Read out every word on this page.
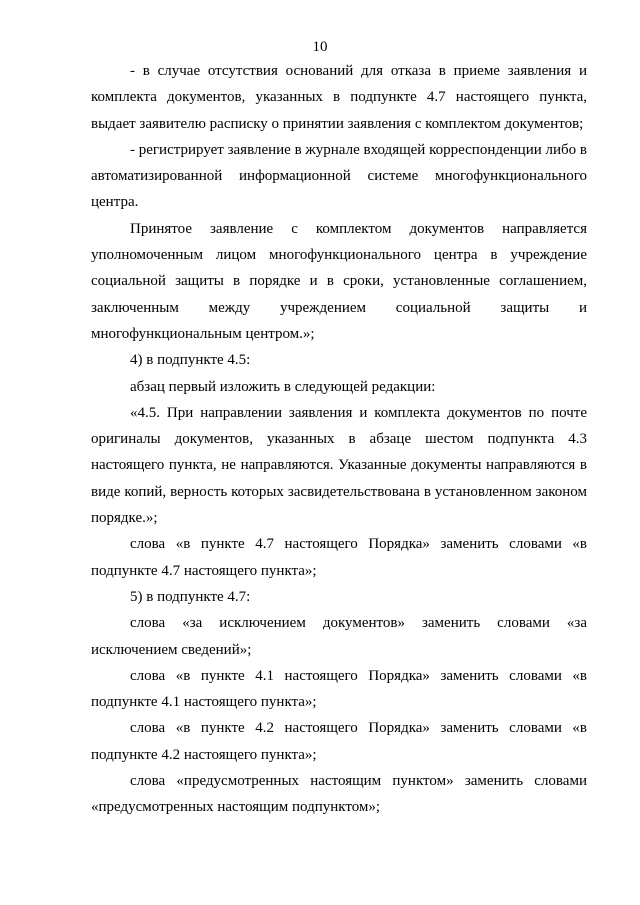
10

- в случае отсутствия оснований для отказа в приеме заявления и комплекта документов, указанных в подпункте 4.7 настоящего пункта, выдает заявителю расписку о принятии заявления с комплектом документов;

- регистрирует заявление в журнале входящей корреспонденции либо в автоматизированной информационной системе многофункционального центра.

Принятое заявление с комплектом документов направляется уполномоченным лицом многофункционального центра в учреждение социальной защиты в порядке и в сроки, установленные соглашением, заключенным между учреждением социальной защиты и многофункциональным центром.»;

4) в подпункте 4.5:

абзац первый изложить в следующей редакции:

«4.5. При направлении заявления и комплекта документов по почте оригиналы документов, указанных в абзаце шестом подпункта 4.3 настоящего пункта, не направляются. Указанные документы направляются в виде копий, верность которых засвидетельствована в установленном законом порядке.»;

слова «в пункте 4.7 настоящего Порядка» заменить словами «в подпункте 4.7 настоящего пункта»;

5) в подпункте 4.7:

слова «за исключением документов» заменить словами «за исключением сведений»;

слова «в пункте 4.1 настоящего Порядка» заменить словами «в подпункте 4.1 настоящего пункта»;

слова «в пункте 4.2 настоящего Порядка» заменить словами «в подпункте 4.2 настоящего пункта»;

слова «предусмотренных настоящим пунктом» заменить словами «предусмотренных настоящим подпунктом»;
